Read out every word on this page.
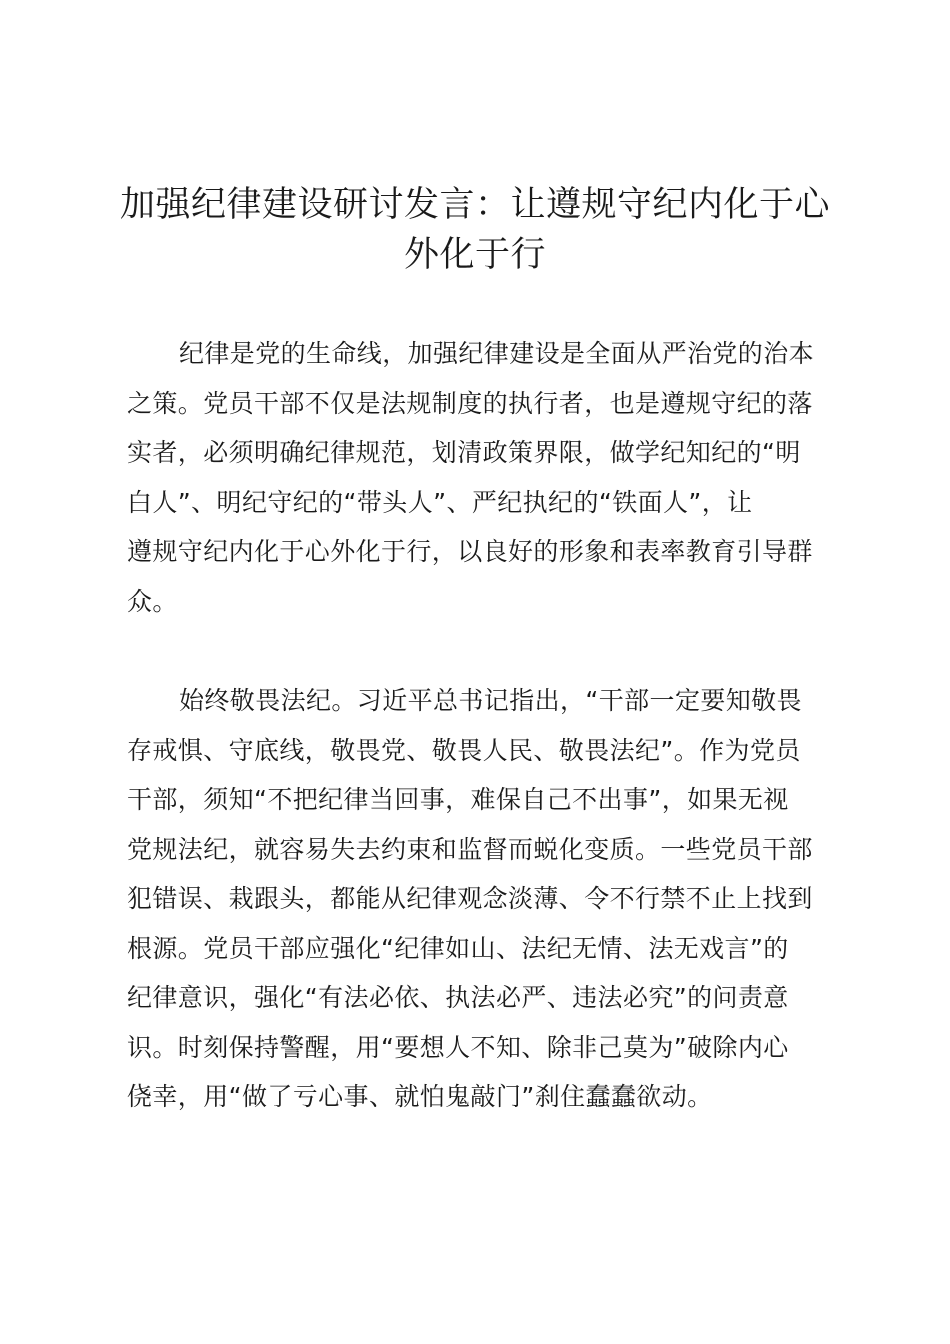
加强纪律建设研讨发言：让遵规守纪内化于心
外化于行

纪律是党的生命线，加强纪律建设是全面从严治党的治本
之策。党员干部不仅是法规制度的执行者，也是遵规守纪的落
实者，必须明确纪律规范，划清政策界限，做学纪知纪的“明
白人”、明纪守纪的“带头人”、严纪执纪的“铁面人”，让
遵规守纪内化于心外化于行，以良好的形象和表率教育引导群
众。

始终敬畏法纪。习近平总书记指出，“干部一定要知敬畏
存戒惧、守底线，敬畏党、敬畏人民、敬畏法纪”。作为党员
干部，须知“不把纪律当回事，难保自己不出事”，如果无视
党规法纪，就容易失去约束和监督而蜕化变质。一些党员干部
犯错误、栽跟头，都能从纪律观念淡薄、令不行禁不止上找到
根源。党员干部应强化“纪律如山、法纪无情、法无戏言”的
纪律意识，强化“有法必依、执法必严、违法必究”的问责意
识。时刻保持警醒，用“要想人不知、除非己莫为”破除内心
侥幸，用“做了亏心事、就怕鬼敲门”刹住蠢蠢欲动。
